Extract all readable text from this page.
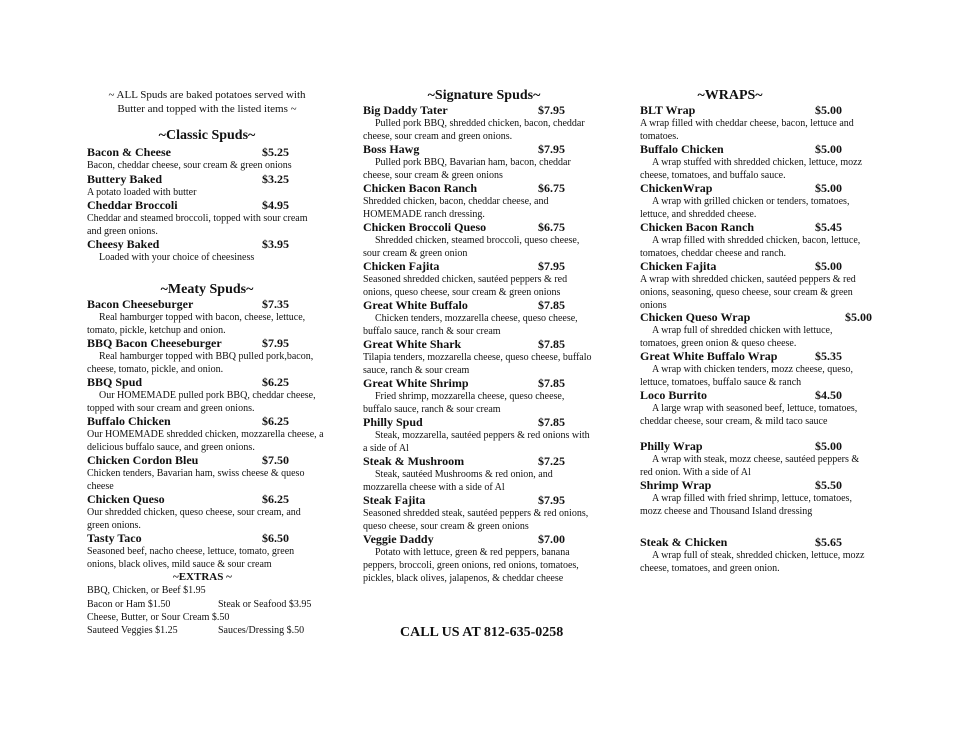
~ ALL Spuds are baked potatoes served with
Butter and topped with the listed items ~
~Classic Spuds~
Bacon & Cheese	$5.25
Bacon, cheddar cheese, sour cream & green onions
Buttery Baked	$3.25
A potato loaded with butter
Cheddar Broccoli	$4.95
Cheddar and steamed broccoli, topped with sour cream and green onions.
Cheesy Baked	$3.95
Loaded with your choice of cheesiness
~Meaty Spuds~
Bacon Cheeseburger	$7.35
Real hamburger topped with bacon, cheese, lettuce, tomato, pickle, ketchup and onion.
BBQ Bacon Cheeseburger	$7.95
Real hamburger topped with BBQ pulled pork,bacon, cheese, tomato, pickle, and onion.
BBQ Spud	$6.25
Our HOMEMADE pulled pork BBQ, cheddar cheese, topped with sour cream and green onions.
Buffalo Chicken	$6.25
Our HOMEMADE shredded chicken, mozzarella cheese, a delicious buffalo sauce, and green onions.
Chicken Cordon Bleu	$7.50
Chicken tenders, Bavarian ham, swiss cheese & queso cheese
Chicken Queso	$6.25
Our shredded chicken, queso cheese, sour cream, and green onions.
Tasty Taco	$6.50
Seasoned beef, nacho cheese, lettuce, tomato, green onions, black olives, mild sauce & sour cream
~EXTRAS ~
BBQ, Chicken, or Beef $1.95
Bacon or Ham $1.50	Steak or Seafood $3.95
Cheese, Butter, or Sour Cream $.50
Sauteed Veggies $1.25	Sauces/Dressing $.50
~Signature Spuds~
Big Daddy Tater	$7.95
Pulled pork BBQ, shredded chicken, bacon, cheddar cheese, sour cream and green onions.
Boss Hawg	$7.95
Pulled pork BBQ, Bavarian ham, bacon, cheddar cheese, sour cream & green onions
Chicken Bacon Ranch	$6.75
Shredded chicken, bacon, cheddar cheese, and HOMEMADE ranch dressing.
Chicken Broccoli Queso	$6.75
Shredded chicken, steamed broccoli, queso cheese, sour cream & green onion
Chicken Fajita	$7.95
Seasoned shredded chicken, sautéed peppers & red onions, queso cheese, sour cream & green onions
Great White Buffalo	$7.85
Chicken tenders, mozzarella cheese, queso cheese, buffalo sauce, ranch & sour cream
Great White Shark	$7.85
Tilapia tenders, mozzarella cheese, queso cheese, buffalo sauce, ranch & sour cream
Great White Shrimp	$7.85
Fried shrimp, mozzarella cheese, queso cheese, buffalo sauce, ranch & sour cream
Philly Spud	$7.85
Steak, mozzarella, sautéed peppers & red onions with a side of Al
Steak & Mushroom	$7.25
Steak, sautéed Mushrooms & red onion, and mozzarella cheese with a side of Al
Steak Fajita	$7.95
Seasoned shredded steak, sautéed peppers & red onions, queso cheese, sour cream & green onions
Veggie Daddy	$7.00
Potato with lettuce, green & red peppers, banana peppers, broccoli, green onions, red onions, tomatoes, pickles, black olives, jalapenos, & cheddar cheese
~WRAPS~
BLT Wrap	$5.00
A wrap filled with cheddar cheese, bacon, lettuce and tomatoes.
Buffalo Chicken	$5.00
A wrap stuffed with shredded chicken, lettuce, mozz cheese, tomatoes, and buffalo sauce.
ChickenWrap	$5.00
A wrap with grilled chicken or tenders, tomatoes, lettuce, and shredded cheese.
Chicken Bacon Ranch	$5.45
A wrap filled with shredded chicken, bacon, lettuce, tomatoes, cheddar cheese and ranch.
Chicken Fajita	$5.00
A wrap with shredded chicken, sautéed peppers & red onions, seasoning, queso cheese, sour cream & green onions
Chicken Queso Wrap	$5.00
A wrap full of shredded chicken with lettuce, tomatoes, green onion & queso cheese.
Great White Buffalo Wrap	$5.35
A wrap with chicken tenders, mozz cheese, queso, lettuce, tomatoes, buffalo sauce & ranch
Loco Burrito	$4.50
A large wrap with seasoned beef, lettuce, tomatoes, cheddar cheese, sour cream, & mild taco sauce
Philly Wrap	$5.00
A wrap with steak, mozz cheese, sautéed peppers & red onion. With a side of Al
Shrimp Wrap	$5.50
A wrap filled with fried shrimp, lettuce, tomatoes, mozz cheese and Thousand Island dressing
Steak & Chicken	$5.65
A wrap full of steak, shredded chicken, lettuce, mozz cheese, tomatoes, and green onion.
CALL US AT 812-635-0258
